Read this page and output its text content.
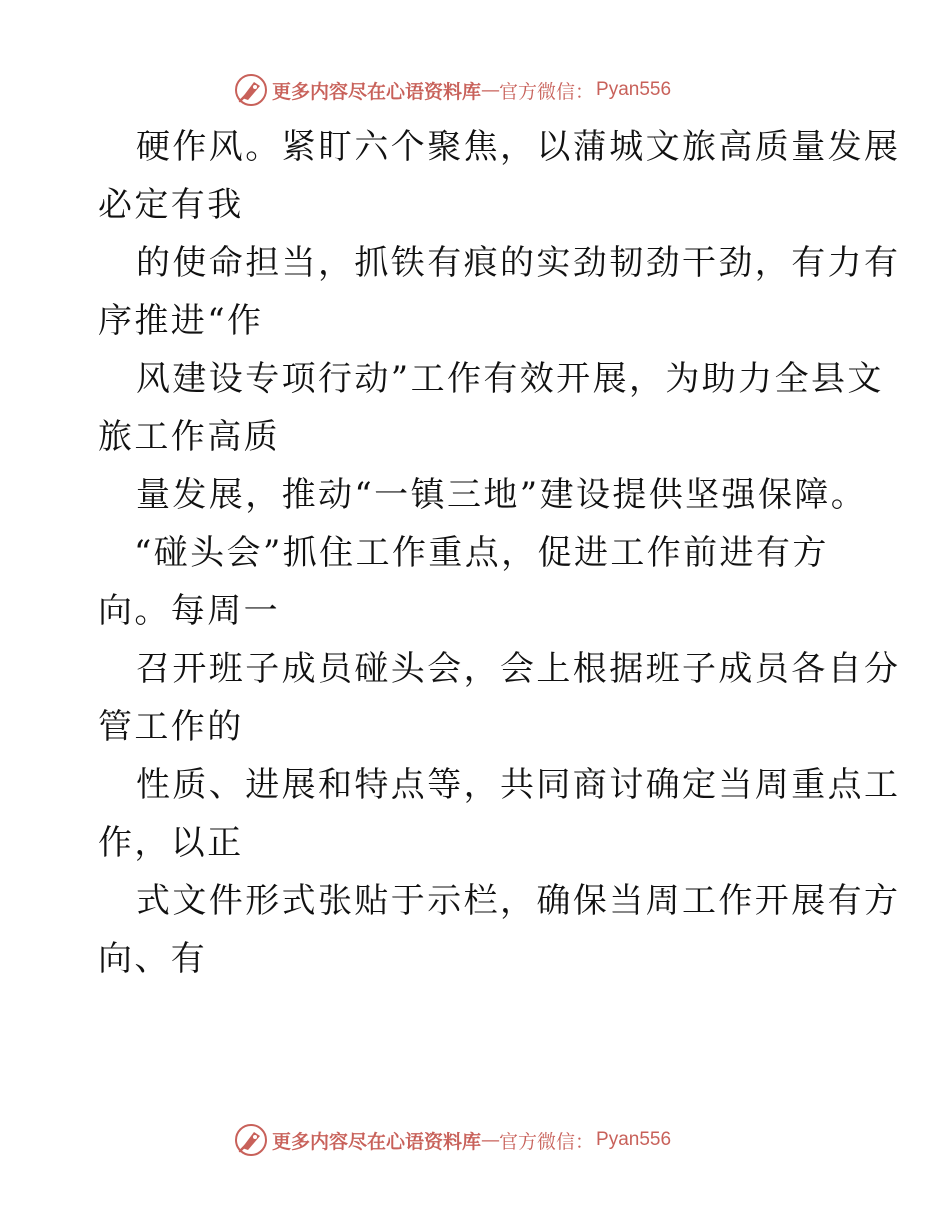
更多内容尽在心语资料库 — 官方微信： Pyan556
硬作风。紧盯六个聚焦，以蒲城文旅高质量发展
必定有我
的使命担当，抓铁有痕的实劲韧劲干劲，有力有
序推进“作
风建设专项行动”工作有效开展，为助力全县文
旅工作高质
量发展，推动“一镇三地”建设提供坚强保障。
“碰头会”抓住工作重点，促进工作前进有方
向。每周一
召开班子成员碰头会，会上根据班子成员各自分
管工作的
性质、进展和特点等，共同商讨确定当周重点工
作，以正
式文件形式张贴于示栏，确保当周工作开展有方
向、有
更多内容尽在心语资料库 — 官方微信： Pyan556
